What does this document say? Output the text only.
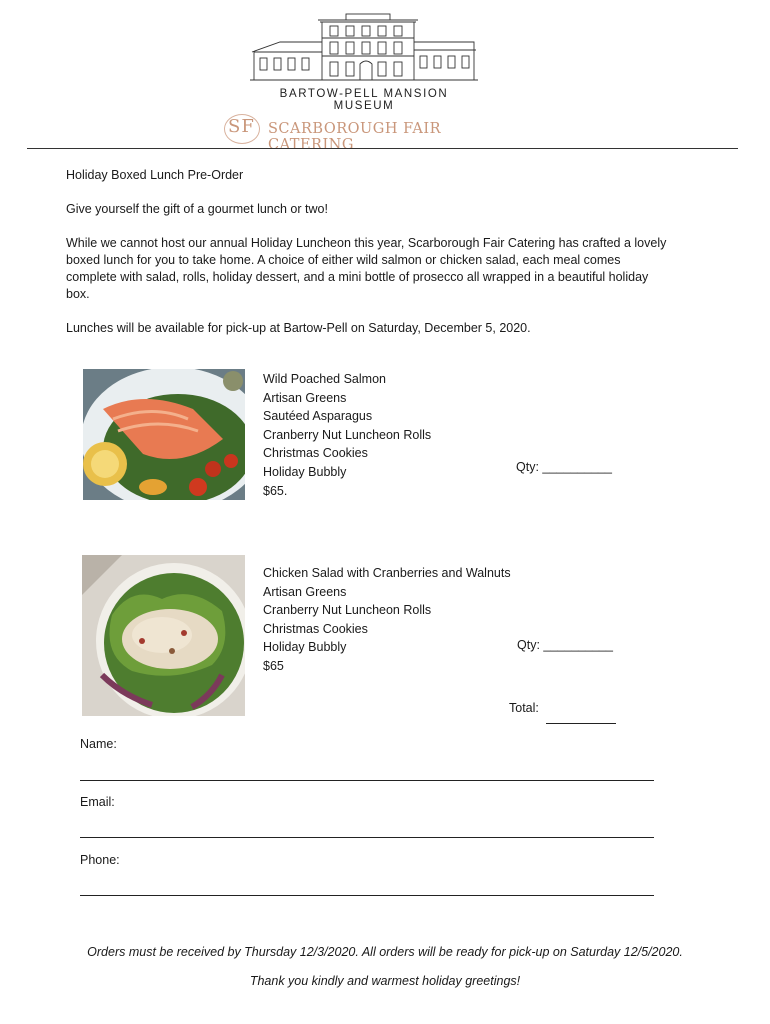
BARTOW-PELL MANSION MUSEUM
SF SCARBOROUGH FAIR CATERING
Holiday Boxed Lunch Pre-Order
Give yourself the gift of a gourmet lunch or two!
While we cannot host our annual Holiday Luncheon this year, Scarborough Fair Catering has crafted a lovely
boxed lunch for you to take home. A choice of either wild salmon or chicken salad, each meal comes
complete with salad, rolls, holiday dessert, and a mini bottle of prosecco all wrapped in a beautiful holiday
box.
Lunches will be available for pick-up at Bartow-Pell on Saturday, December 5, 2020.
Wild Poached Salmon
Artisan Greens
Sautéed Asparagus
Cranberry Nut Luncheon Rolls
Christmas Cookies
Holiday Bubbly
$65.
Qty: __________
Chicken Salad with Cranberries and Walnuts
Artisan Greens
Cranberry Nut Luncheon Rolls
Christmas Cookies
Holiday Bubbly
$65
Qty: __________
Total:
Name:
Email:
Phone:
Orders must be received by Thursday 12/3/2020. All orders will be ready for pick-up on Saturday 12/5/2020.
Thank you kindly and warmest holiday greetings!
